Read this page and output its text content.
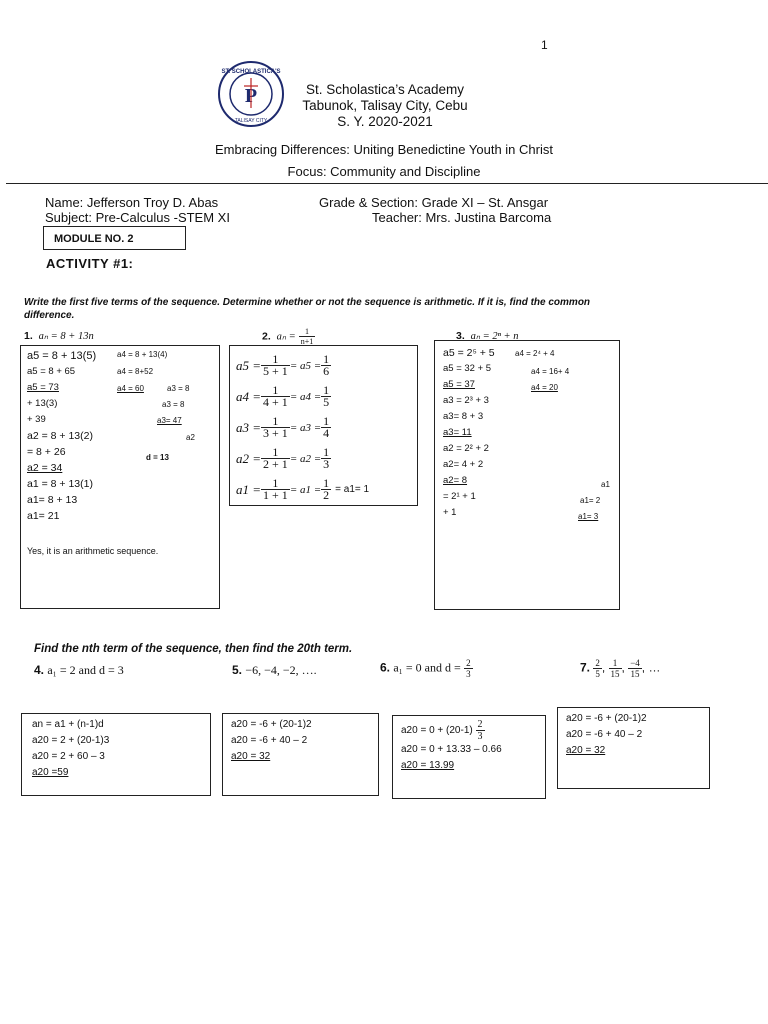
1
ST. SCHOLASTICA'S
TALISAY CITY
P	St. Scholastica’s Academy
Tabunok, Talisay City, Cebu
S. Y. 2020-2021
Embracing Differences: Uniting Benedictine Youth in Christ
Focus: Community and Discipline
Name: Jefferson Troy D. Abas
Subject: Pre-Calculus -STEM XI
Grade & Section: Grade XI – St. Ansgar
Teacher: Mrs. Justina Barcoma
MODULE NO. 2
ACTIVITY #1:
Write the first five terms of the sequence. Determine whether or not the sequence is arithmetic. If it is, find the common difference.
1. aₙ = 8 + 13n
a5 = 8 + 13(5)
a5 = 8 + 65
a5 = 73
+ 13(3)
+ 39
a2 = 8 + 13(2)
= 8 + 26
a2 = 34
a1 = 8 + 13(1)
a1= 8 + 13
a1= 21
a4 = 8 + 13(4)
a4 = 8+52
a4 = 60	a3 = 8
a3 = 8
a3= 47
a2
d = 13
Yes, it is an arithmetic sequence.
2. $a_n = \frac{1}{n+1}$
$a5 = \frac{1}{5 + 1} = a5 = \frac{1}{6}$
$a4 = \frac{1}{4 + 1} = a4 = \frac{1}{5}$
$a3 = \frac{1}{3 + 1} = a3 = \frac{1}{4}$
$a2 = \frac{1}{2 + 1} = a2 = \frac{1}{3}$
$a1 = \frac{1}{1 + 1} = a1 = \frac{1}{2} = a1= 1$
3. aₙ = 2ⁿ + n
a5 = 2⁵ + 5
a5 = 32 + 5
a5 = 37
a3 = 2³ + 3
a3= 8 + 3
a3= 11
a2 = 2² + 2
a2= 4 + 2
a2= 8
= 2¹ + 1
+ 1
a4 = 2⁴ + 4
a4 = 16+ 4
a4 = 20
a1
a1= 2
a1= 3
Find the nth term of the sequence, then find the 20th term.
4. a₁ = 2 and d = 3	5. −6, −4, −2, ….	6. a₁ = 0 and $d = \frac{2}{3}$	7. $\frac{2}{5}$ , $\frac{1}{15}$ , $\frac{-4}{15}$ , …
an = a1 + (n-1)d
a20 = 2 + (20-1)3
a20 = 2 + 60 – 3
a20 =59
a20 = -6 + (20-1)2
a20 = -6 + 40 – 2
a20 = 32
$a20 = 0 + (20-1) \frac{2}{3}$
a20 = 0 + 13.33 – 0.66
a20 = 13.99
a20 = -6 + (20-1)2
a20 = -6 + 40 – 2
a20 = 32
